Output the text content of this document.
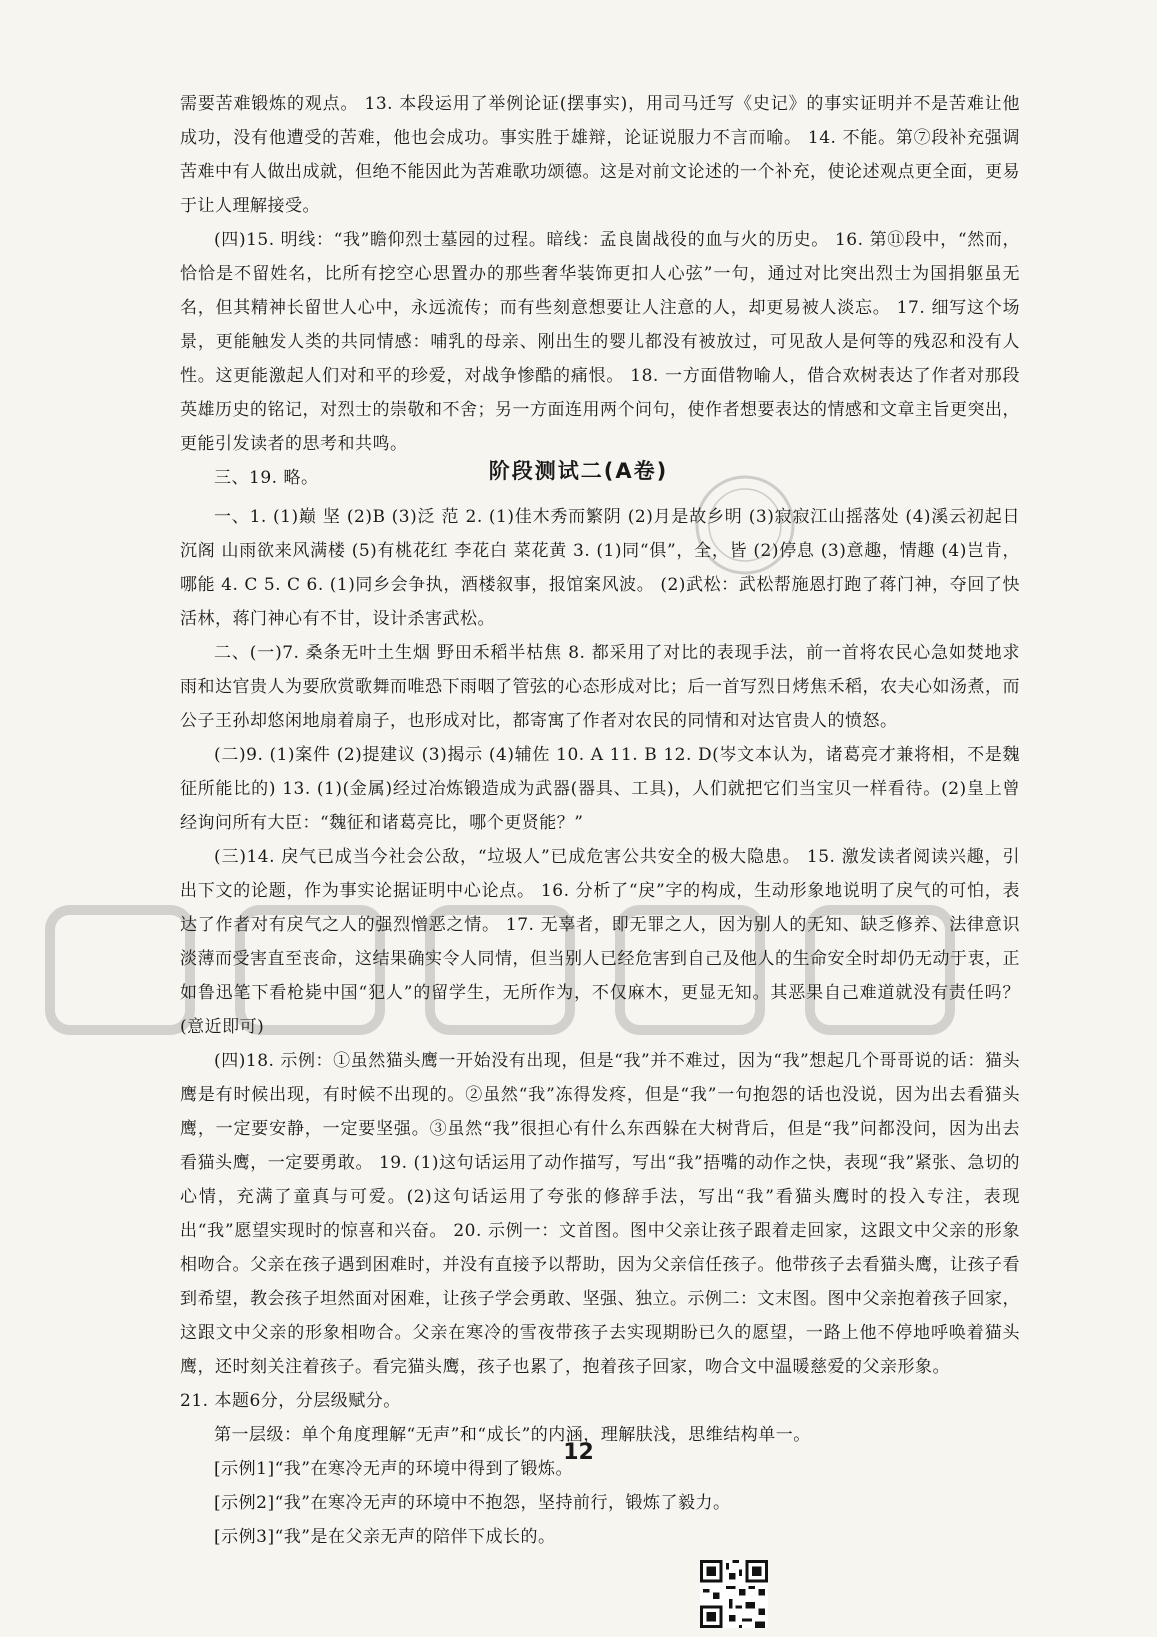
需要苦难锻炼的观点。 13. 本段运用了举例论证(摆事实)，用司马迁写《史记》的事实证明并不是苦难让他成功，没有他遭受的苦难，他也会成功。事实胜于雄辩，论证说服力不言而喻。 14. 不能。第⑦段补充强调苦难中有人做出成就，但绝不能因此为苦难歌功颂德。这是对前文论述的一个补充，使论述观点更全面，更易于让人理解接受。

(四)15. 明线：“我”瞻仰烈士墓园的过程。暗线：孟良崮战役的血与火的历史。 16. 第⑪段中，“然而，恰恰是不留姓名，比所有挖空心思置办的那些奢华装饰更扣人心弦”一句，通过对比突出烈士为国捐躯虽无名，但其精神长留世人心中，永远流传；而有些刻意想要让人注意的人，却更易被人淡忘。 17. 细写这个场景，更能触发人类的共同情感：哺乳的母亲、刚出生的婴儿都没有被放过，可见敌人是何等的残忍和没有人性。这更能激起人们对和平的珍爱，对战争惨酷的痛恨。 18. 一方面借物喻人，借合欢树表达了作者对那段英雄历史的铭记，对烈士的崇敬和不舍；另一方面连用两个问句，使作者想要表达的情感和文章主旨更突出，更能引发读者的思考和共鸣。

三、19. 略。	阶段测试二(A卷)

一、1. (1)巅 坚 (2)B (3)泛 范 2. (1)佳木秀而繁阴 (2)月是故乡明 (3)寂寂江山摇落处 (4)溪云初起日沉阁 山雨欲来风满楼 (5)有桃花红 李花白 菜花黄 3. (1)同“俱”，全，皆 (2)停息 (3)意趣，情趣 (4)岂肯，哪能 4. C 5. C 6. (1)同乡会争执，酒楼叙事，报馆案风波。 (2)武松：武松帮施恩打跑了蒋门神，夺回了快活林，蒋门神心有不甘，设计杀害武松。

二、(一)7. 桑条无叶土生烟 野田禾稻半枯焦 8. 都采用了对比的表现手法，前一首将农民心急如焚地求雨和达官贵人为要欣赏歌舞而唯恐下雨咽了管弦的心态形成对比；后一首写烈日烤焦禾稻，农夫心如汤煮，而公子王孙却悠闲地扇着扇子，也形成对比，都寄寓了作者对农民的同情和对达官贵人的愤怒。

(二)9. (1)案件 (2)提建议 (3)揭示 (4)辅佐 10. A 11. B 12. D(岑文本认为，诸葛亮才兼将相，不是魏征所能比的) 13. (1)(金属)经过冶炼锻造成为武器(器具、工具)，人们就把它们当宝贝一样看待。(2)皇上曾经询问所有大臣：“魏征和诸葛亮比，哪个更贤能？”

(三)14. 戾气已成当今社会公敌，“垃圾人”已成危害公共安全的极大隐患。 15. 激发读者阅读兴趣，引出下文的论题，作为事实论据证明中心论点。 16. 分析了“戾”字的构成，生动形象地说明了戾气的可怕，表达了作者对有戾气之人的强烈憎恶之情。 17. 无辜者，即无罪之人，因为别人的无知、缺乏修养、法律意识淡薄而受害直至丧命，这结果确实令人同情，但当别人已经危害到自己及他人的生命安全时却仍无动于衷，正如鲁迅笔下看枪毙中国“犯人”的留学生，无所作为，不仅麻木，更显无知。其恶果自己难道就没有责任吗？(意近即可)

(四)18. 示例：①虽然猫头鹰一开始没有出现，但是“我”并不难过，因为“我”想起几个哥哥说的话：猫头鹰是有时候出现，有时候不出现的。②虽然“我”冻得发疼，但是“我”一句抱怨的话也没说，因为出去看猫头鹰，一定要安静，一定要坚强。③虽然“我”很担心有什么东西躲在大树背后，但是“我”问都没问，因为出去看猫头鹰，一定要勇敢。 19. (1)这句话运用了动作描写，写出“我”捂嘴的动作之快，表现“我”紧张、急切的心情，充满了童真与可爱。(2)这句话运用了夸张的修辞手法，写出“我”看猫头鹰时的投入专注，表现出“我”愿望实现时的惊喜和兴奋。 20. 示例一：文首图。图中父亲让孩子跟着走回家，这跟文中父亲的形象相吻合。父亲在孩子遇到困难时，并没有直接予以帮助，因为父亲信任孩子。他带孩子去看猫头鹰，让孩子看到希望，教会孩子坦然面对困难，让孩子学会勇敢、坚强、独立。示例二：文末图。图中父亲抱着孩子回家，这跟文中父亲的形象相吻合。父亲在寒冷的雪夜带孩子去实现期盼已久的愿望，一路上他不停地呼唤着猫头鹰，还时刻关注着孩子。看完猫头鹰，孩子也累了，抱着孩子回家，吻合文中温暖慈爱的父亲形象。

21. 本题6分，分层级赋分。

第一层级：单个角度理解“无声”和“成长”的内涵，理解肤浅，思维结构单一。

[示例1]“我”在寒冷无声的环境中得到了锻炼。

[示例2]“我”在寒冷无声的环境中不抱怨，坚持前行，锻炼了毅力。

[示例3]“我”是在父亲无声的陪伴下成长的。

12
